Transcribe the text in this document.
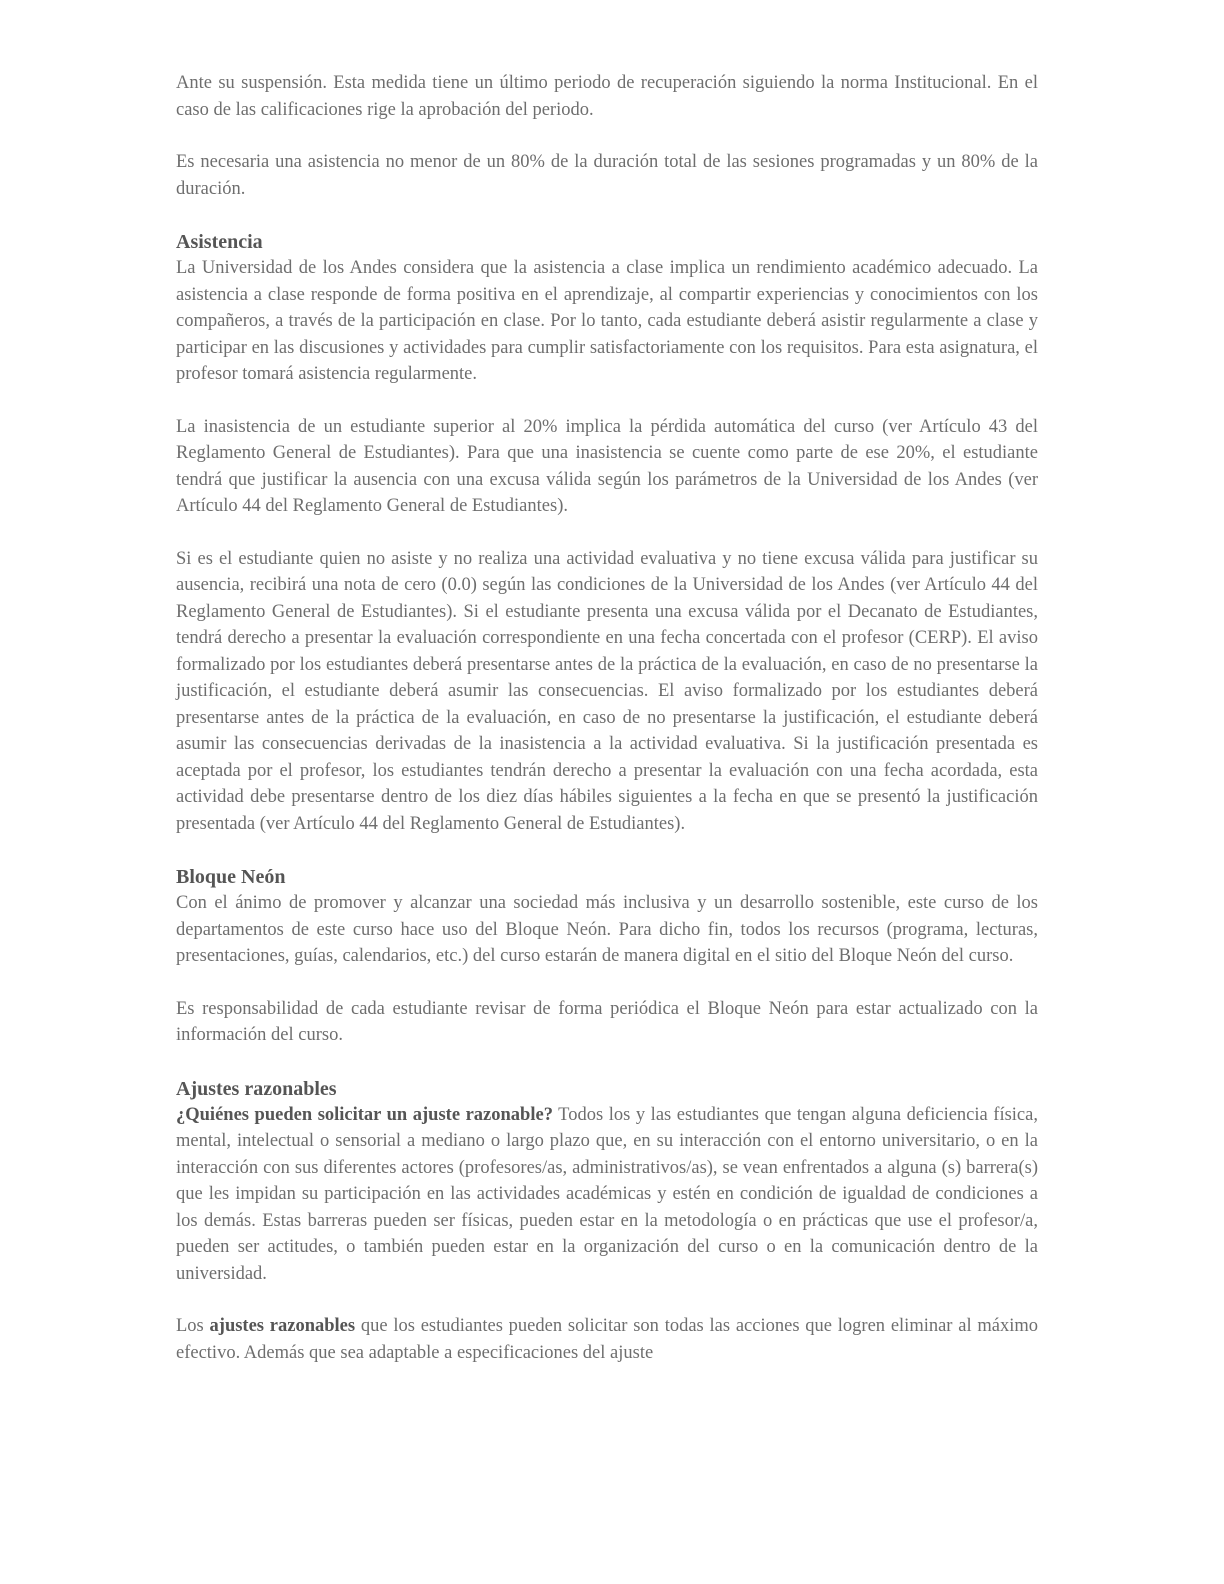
Ante su suspensión. Esta medida tiene un último periodo de recuperación siguiendo la norma Institucional. En el caso de las calificaciones rige la aprobación del periodo.

Es necesaria una asistencia no menor de un 80% de la duración total de las sesiones programadas y un 80% de la duración.

Asistencia

La Universidad de los Andes considera que la asistencia a clase implica un rendimiento académico adecuado. La asistencia a clase responde de forma positiva en el aprendizaje, al compartir experiencias y conocimientos con los compañeros, a través de la participación en clase. Por lo tanto, cada estudiante deberá asistir regularmente a clase y participar en las discusiones y actividades para cumplir satisfactoriamente con los requisitos. Para esta asignatura, el profesor tomará asistencia regularmente.

La inasistencia de un estudiante superior al 20% implica la pérdida automática del curso (ver Artículo 43 del Reglamento General de Estudiantes). Para que una inasistencia se cuente como parte de ese 20%, el estudiante tendrá que justificar la ausencia con una excusa válida según los parámetros de la Universidad de los Andes (ver Artículo 44 del Reglamento General de Estudiantes).

Si es el estudiante quien no asiste y no realiza una actividad evaluativa y no tiene excusa válida para justificar su ausencia, recibirá una nota de cero (0.0) según las condiciones de la Universidad de los Andes (ver Artículo 44 del Reglamento General de Estudiantes). Si el estudiante presenta una excusa válida por el Decanato de Estudiantes, tendrá derecho a presentar la evaluación correspondiente en una fecha concertada con el profesor (CERP). El aviso formalizado por los estudiantes deberá presentarse antes de la práctica de la evaluación, en caso de no presentarse la justificación, el estudiante deberá asumir las consecuencias. El aviso formalizado por los estudiantes deberá presentarse antes de la práctica de la evaluación, en caso de no presentarse la justificación, el estudiante deberá asumir las consecuencias derivadas de la inasistencia a la actividad evaluativa. Si la justificación presentada es aceptada por el profesor, los estudiantes tendrán derecho a presentar la evaluación con una fecha acordada, esta actividad debe presentarse dentro de los diez días hábiles siguientes a la fecha en que se presentó la justificación presentada (ver Artículo 44 del Reglamento General de Estudiantes).

Bloque Neón

Con el ánimo de promover y alcanzar una sociedad más inclusiva y un desarrollo sostenible, este curso de los departamentos de este curso hace uso del Bloque Neón. Para dicho fin, todos los recursos (programa, lecturas, presentaciones, guías, calendarios, etc.) del curso estarán de manera digital en el sitio del Bloque Neón del curso.

Es responsabilidad de cada estudiante revisar de forma periódica el Bloque Neón para estar actualizado con la información del curso.

Ajustes razonables

¿Quiénes pueden solicitar un ajuste razonable? Todos los y las estudiantes que tengan alguna deficiencia física, mental, intelectual o sensorial a mediano o largo plazo que, en su interacción con el entorno universitario, o en la interacción con sus diferentes actores (profesores/as, administrativos/as), se vean enfrentados a alguna (s) barrera(s) que les impidan su participación en las actividades académicas y estén en condición de igualdad de condiciones a los demás. Estas barreras pueden ser físicas, pueden estar en la metodología o en prácticas que use el profesor/a, pueden ser actitudes, o también pueden estar en la organización del curso o en la comunicación dentro de la universidad.

Los ajustes razonables que los estudiantes pueden solicitar son todas las acciones que logren eliminar al máximo efectivo. Además que sea adaptable a especificaciones del ajuste
